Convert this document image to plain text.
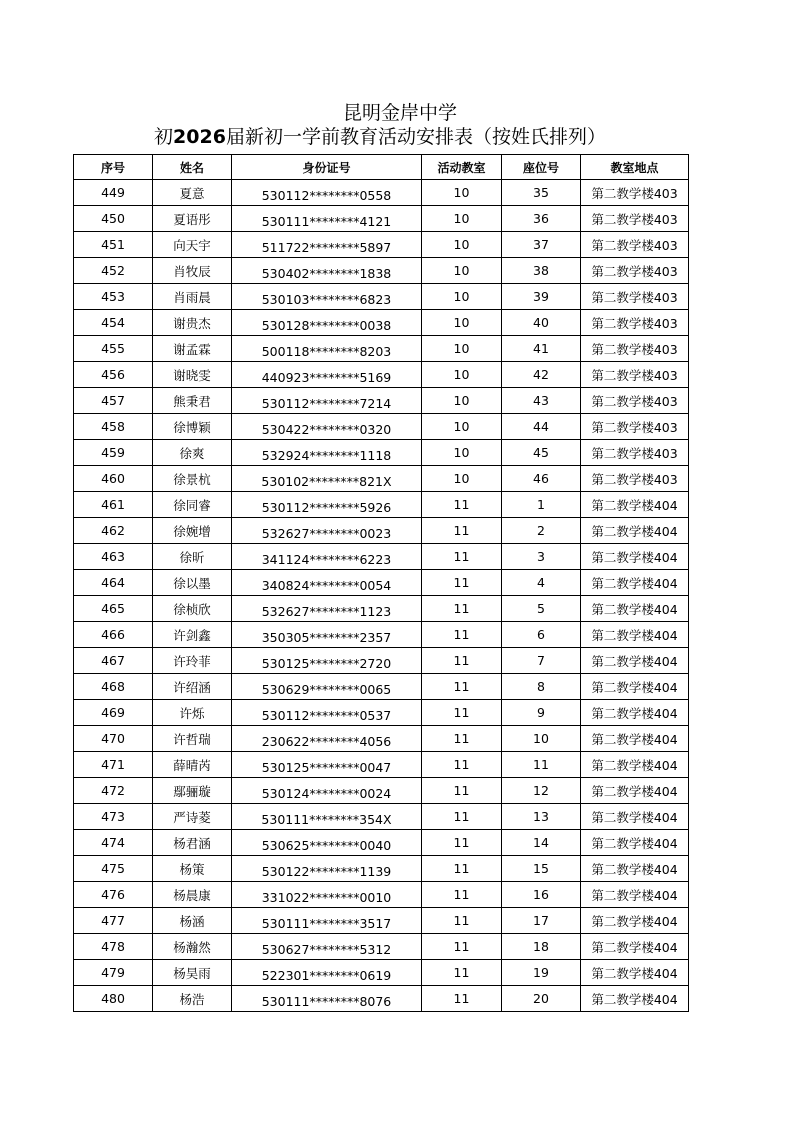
昆明金岸中学
初2026届新初一学前教育活动安排表（按姓氏排列）
序号	姓名	身份证号	活动教室	座位号	教室地点
449	夏意	530112********0558	10	35	第二教学楼403
450	夏语彤	530111********4121	10	36	第二教学楼403
451	向天宇	511722********5897	10	37	第二教学楼403
452	肖牧辰	530402********1838	10	38	第二教学楼403
453	肖雨晨	530103********6823	10	39	第二教学楼403
454	谢贵杰	530128********0038	10	40	第二教学楼403
455	谢孟霖	500118********8203	10	41	第二教学楼403
456	谢晓雯	440923********5169	10	42	第二教学楼403
457	熊秉君	530112********7214	10	43	第二教学楼403
458	徐博颖	530422********0320	10	44	第二教学楼403
459	徐爽	532924********1118	10	45	第二教学楼403
460	徐景杭	530102********821X	10	46	第二教学楼403
461	徐同睿	530112********5926	11	1	第二教学楼404
462	徐婉增	532627********0023	11	2	第二教学楼404
463	徐昕	341124********6223	11	3	第二教学楼404
464	徐以墨	340824********0054	11	4	第二教学楼404
465	徐桢欣	532627********1123	11	5	第二教学楼404
466	许剑鑫	350305********2357	11	6	第二教学楼404
467	许玲菲	530125********2720	11	7	第二教学楼404
468	许绍涵	530629********0065	11	8	第二教学楼404
469	许烁	530112********0537	11	9	第二教学楼404
470	许哲瑞	230622********4056	11	10	第二教学楼404
471	薛晴芮	530125********0047	11	11	第二教学楼404
472	鄢骊璇	530124********0024	11	12	第二教学楼404
473	严诗菱	530111********354X	11	13	第二教学楼404
474	杨君涵	530625********0040	11	14	第二教学楼404
475	杨策	530122********1139	11	15	第二教学楼404
476	杨晨康	331022********0010	11	16	第二教学楼404
477	杨涵	530111********3517	11	17	第二教学楼404
478	杨瀚然	530627********5312	11	18	第二教学楼404
479	杨昊雨	522301********0619	11	19	第二教学楼404
480	杨浩	530111********8076	11	20	第二教学楼404
